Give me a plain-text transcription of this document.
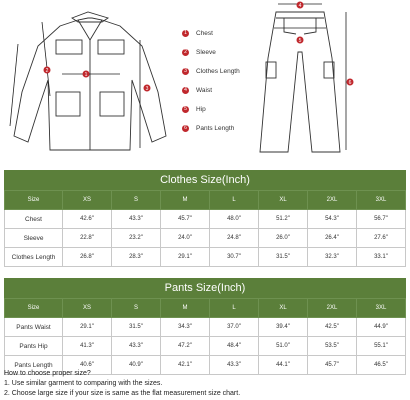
1
2
3
4
5
6
1	Chest
2	Sleeve
3	Clothes Length
4	Waist
5	Hip
6	Pants Length
Clothes Size(Inch)
Size	XS	S	M	L	XL	2XL	3XL
Chest	42.6"	43.3"	45.7"	48.0"	51.2"	54.3"	56.7"
Sleeve	22.8"	23.2"	24.0"	24.8"	26.0"	26.4"	27.6"
Clothes Length	26.8"	28.3"	29.1"	30.7"	31.5"	32.3"	33.1"
Pants Size(Inch)
Size	XS	S	M	L	XL	2XL	3XL
Pants Waist	29.1"	31.5"	34.3"	37.0"	39.4"	42.5"	44.9"
Pants Hip	41.3"	43.3"	47.2"	48.4"	51.0"	53.5"	55.1"
Pants Length	40.6"	40.9"	42.1"	43.3"	44.1"	45.7"	46.5"
How to choose proper size?
1. Use similar garment to comparing with the sizes.
2. Choose large size if your size is same as the flat measurement size chart.
